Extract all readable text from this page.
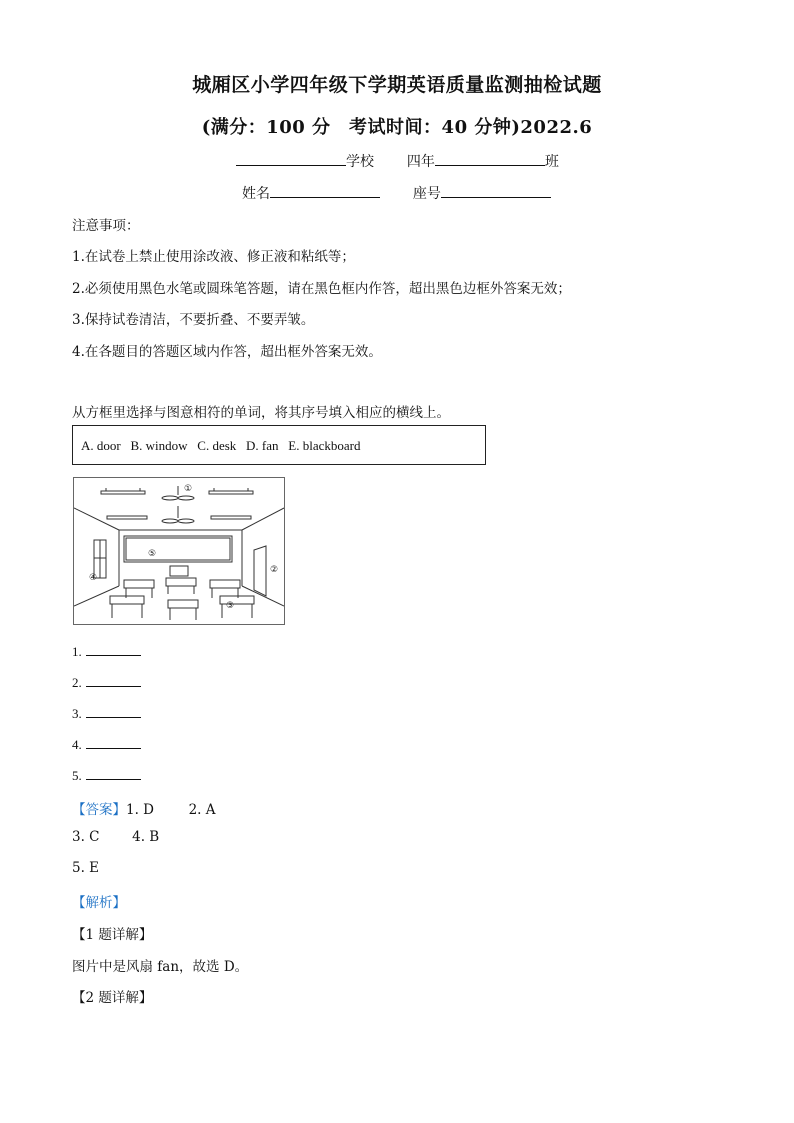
城厢区小学四年级下学期英语质量监测抽检试题
(满分：100 分　考试时间：40 分钟)2022.6
学校 四年	班
姓名	座号
注意事项：
1.在试卷上禁止使用涂改液、修正液和粘纸等；
2.必须使用黑色水笔或圆珠笔答题，请在黑色框内作答，超出黑色边框外答案无效；
3.保持试卷清洁，不要折叠、不要弄皱。
4.在各题目的答题区域内作答，超出框外答案无效。
从方框里选择与图意相符的单词，将其序号填入相应的横线上。
A. door   B. window   C. desk   D. fan   E. blackboard
①
②
③
④
⑤
1.
2.
3.
4.
5.
【答案】1. D	2. A
3. C 4. B
5. E
【解析】
【1 题详解】
图片中是风扇 fan，故选 D。
【2 题详解】
